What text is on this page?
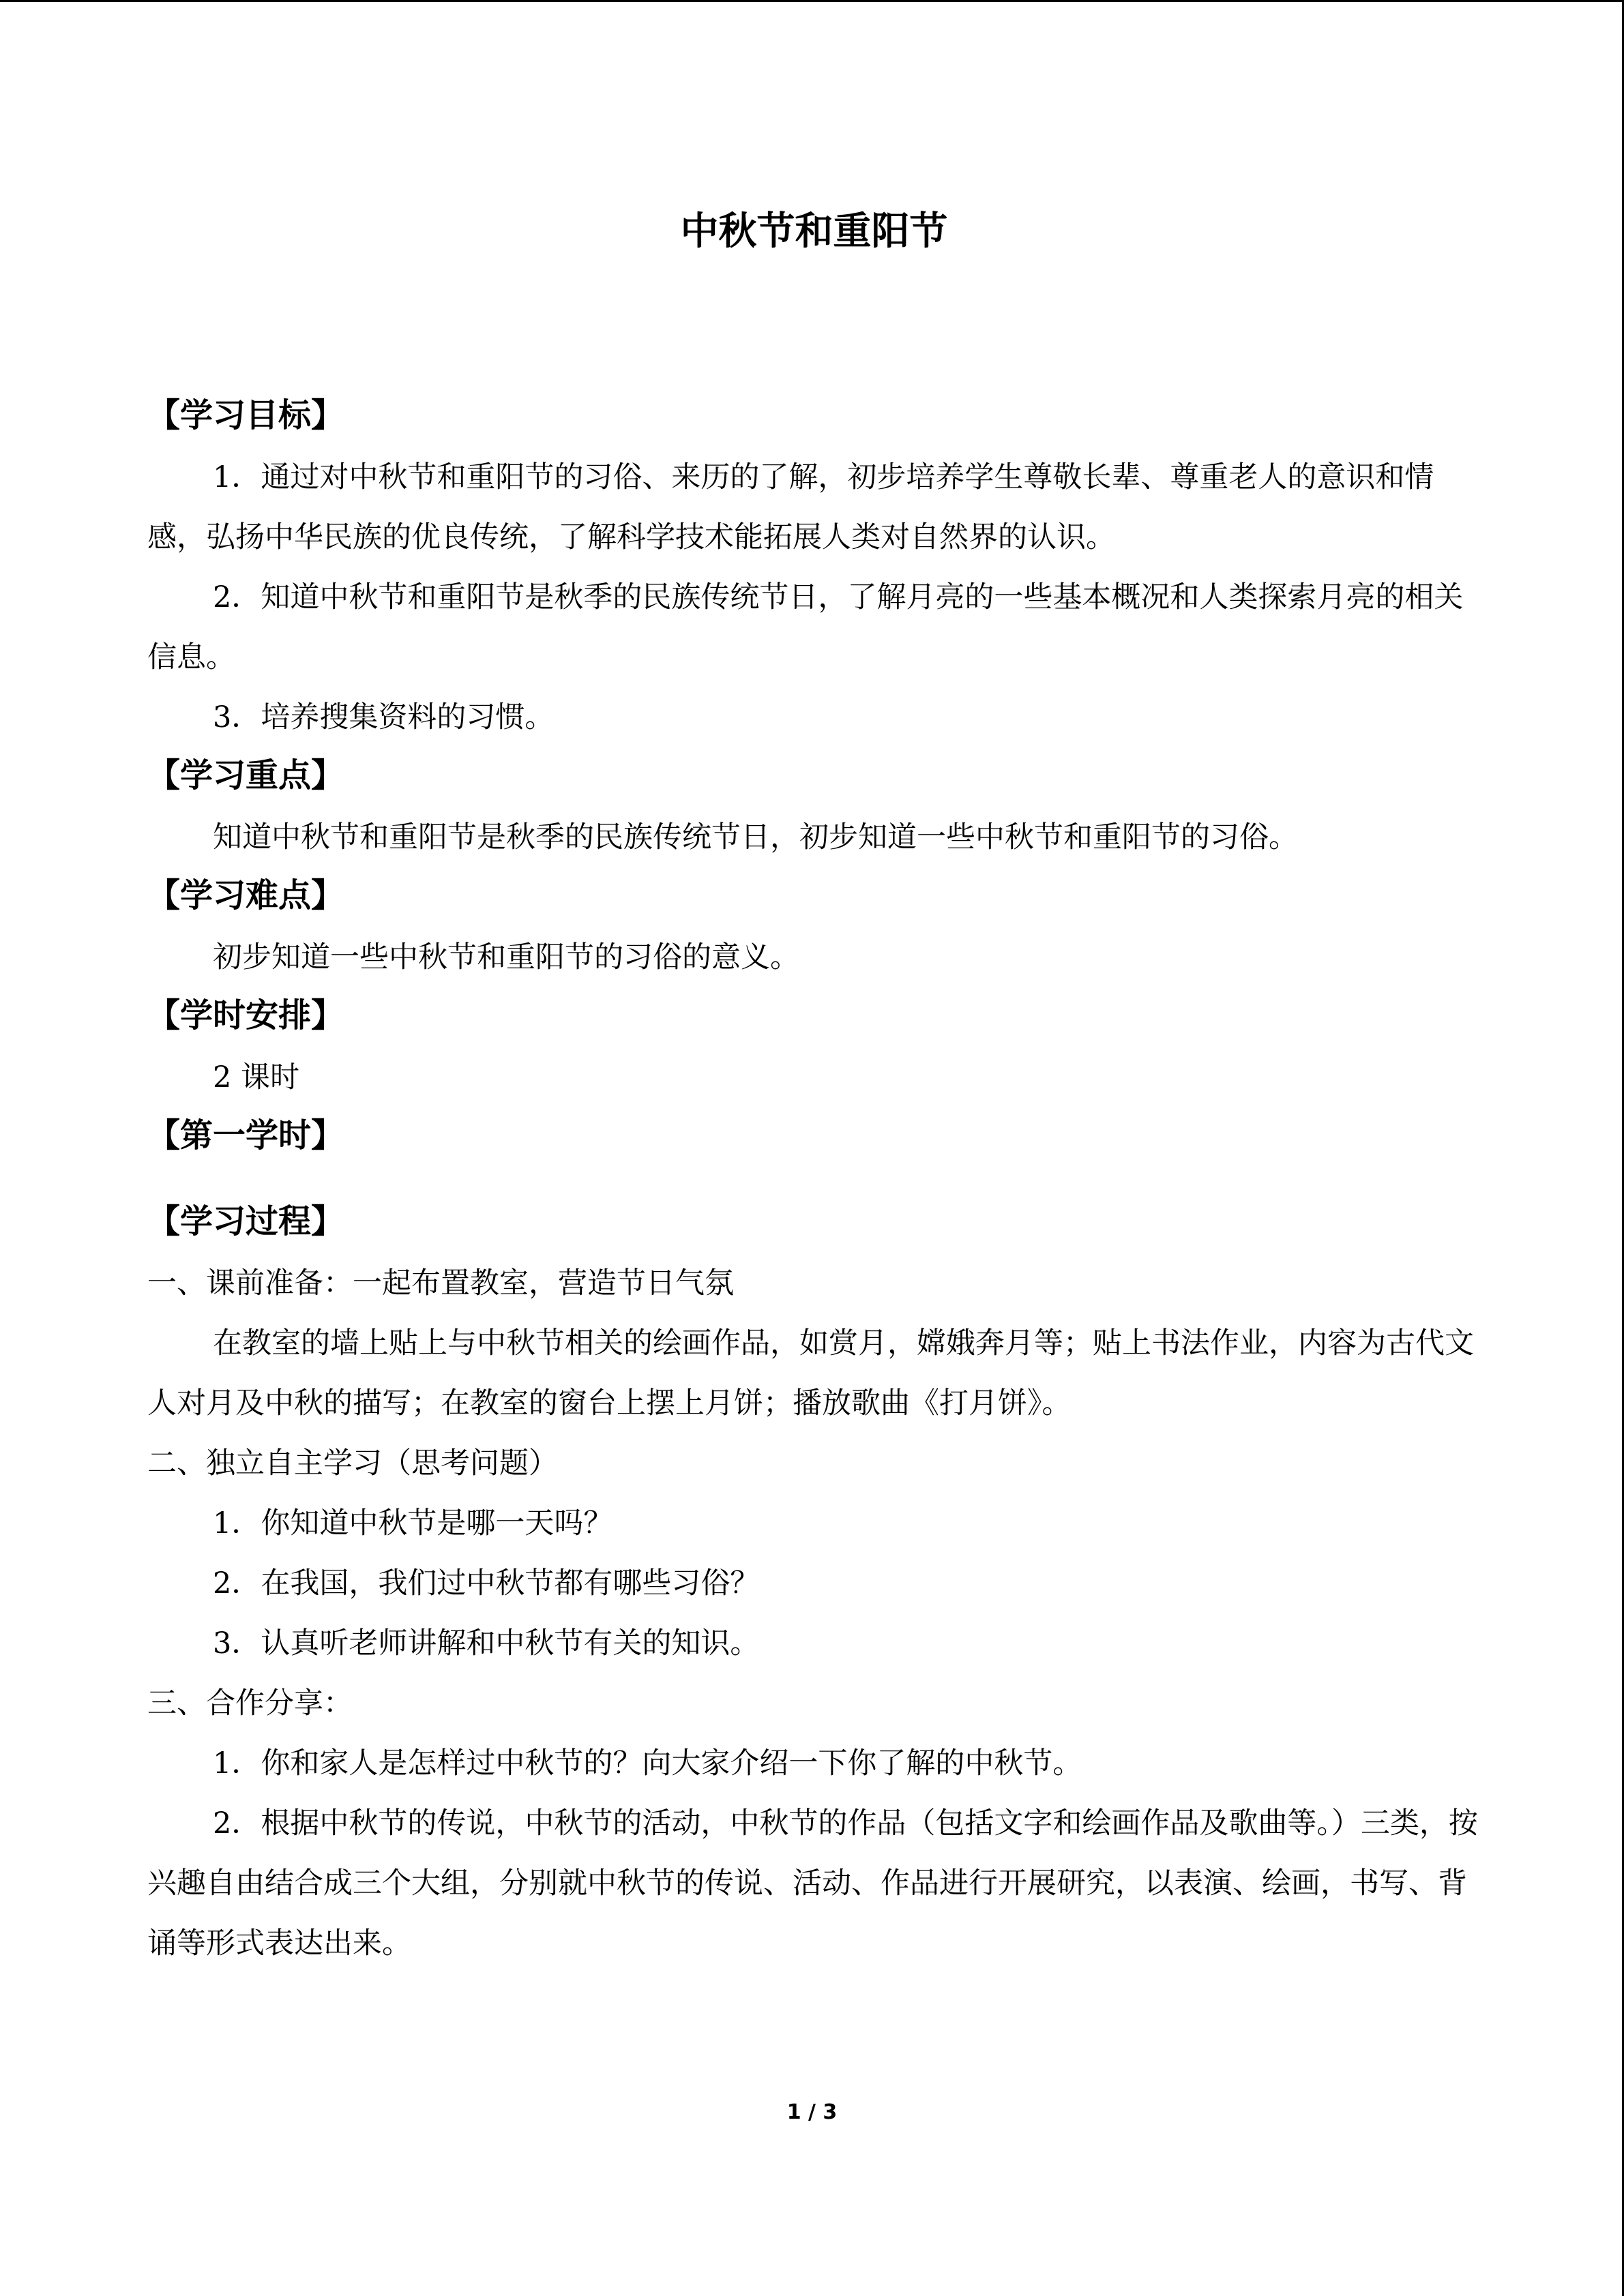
中秋节和重阳节
【学习目标】

1．通过对中秋节和重阳节的习俗、来历的了解，初步培养学生尊敬长辈、尊重老人的意识和情感，弘扬中华民族的优良传统，了解科学技术能拓展人类对自然界的认识。

2．知道中秋节和重阳节是秋季的民族传统节日，了解月亮的一些基本概况和人类探索月亮的相关信息。

3．培养搜集资料的习惯。

【学习重点】

知道中秋节和重阳节是秋季的民族传统节日，初步知道一些中秋节和重阳节的习俗。

【学习难点】

初步知道一些中秋节和重阳节的习俗的意义。

【学时安排】

2 课时

【第一学时】
【学习过程】

一、课前准备：一起布置教室，营造节日气氛

在教室的墙上贴上与中秋节相关的绘画作品，如赏月，嫦娥奔月等；贴上书法作业，内容为古代文人对月及中秋的描写；在教室的窗台上摆上月饼；播放歌曲《打月饼》。

二、独立自主学习（思考问题）

1．你知道中秋节是哪一天吗？

2．在我国，我们过中秋节都有哪些习俗？

3．认真听老师讲解和中秋节有关的知识。

三、合作分享：

1．你和家人是怎样过中秋节的？向大家介绍一下你了解的中秋节。

2．根据中秋节的传说，中秋节的活动，中秋节的作品（包括文字和绘画作品及歌曲等。）三类，按兴趣自由结合成三个大组，分别就中秋节的传说、活动、作品进行开展研究，以表演、绘画，书写、背诵等形式表达出来。

1 / 3
